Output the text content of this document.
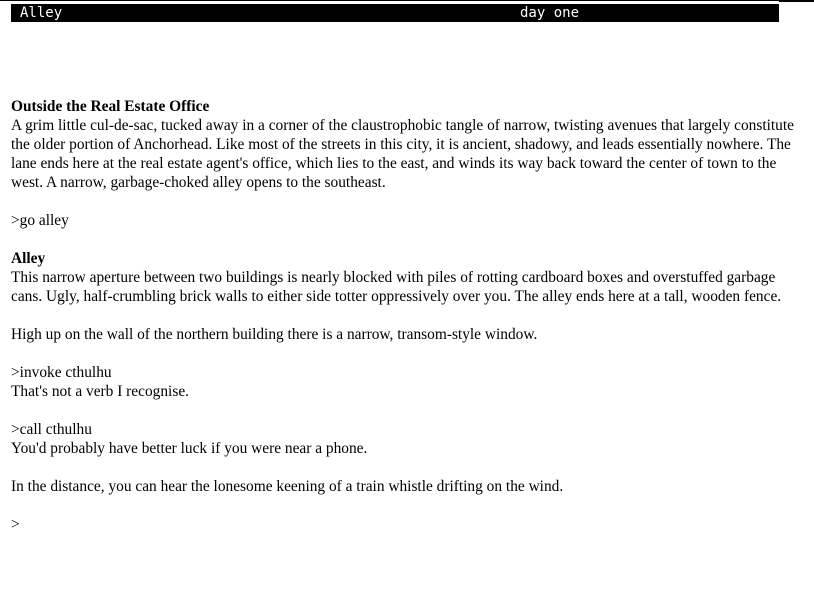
Alley	day one
Outside the Real Estate Office
A grim little cul-de-sac, tucked away in a corner of the claustrophobic tangle of narrow, twisting avenues that largely constitute the older portion of Anchorhead. Like most of the streets in this city, it is ancient, shadowy, and leads essentially nowhere. The lane ends here at the real estate agent's office, which lies to the east, and winds its way back toward the center of town to the west. A narrow, garbage-choked alley opens to the southeast.
>go alley
Alley
This narrow aperture between two buildings is nearly blocked with piles of rotting cardboard boxes and overstuffed garbage cans. Ugly, half-crumbling brick walls to either side totter oppressively over you. The alley ends here at a tall, wooden fence.
High up on the wall of the northern building there is a narrow, transom-style window.
>invoke cthulhu
That's not a verb I recognise.
>call cthulhu
You'd probably have better luck if you were near a phone.
In the distance, you can hear the lonesome keening of a train whistle drifting on the wind.
>
